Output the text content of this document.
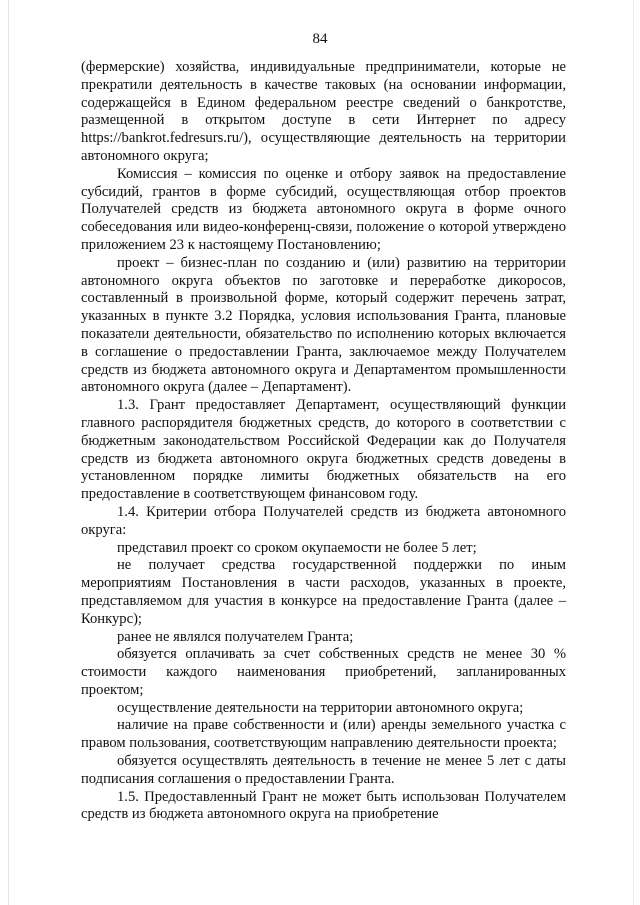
84

(фермерские) хозяйства, индивидуальные предприниматели, которые не прекратили деятельность в качестве таковых (на основании информации, содержащейся в Едином федеральном реестре сведений о банкротстве, размещенной в открытом доступе в сети Интернет по адресу https://bankrot.fedresurs.ru/), осуществляющие деятельность на территории автономного округа;

Комиссия – комиссия по оценке и отбору заявок на предоставление субсидий, грантов в форме субсидий, осуществляющая отбор проектов Получателей средств из бюджета автономного округа в форме очного собеседования или видео-конференц-связи, положение о которой утверждено приложением 23 к настоящему Постановлению;

проект – бизнес-план по созданию и (или) развитию на территории автономного округа объектов по заготовке и переработке дикоросов, составленный в произвольной форме, который содержит перечень затрат, указанных в пункте 3.2 Порядка, условия использования Гранта, плановые показатели деятельности, обязательство по исполнению которых включается в соглашение о предоставлении Гранта, заключаемое между Получателем средств из бюджета автономного округа и Департаментом промышленности автономного округа (далее – Департамент).

1.3. Грант предоставляет Департамент, осуществляющий функции главного распорядителя бюджетных средств, до которого в соответствии с бюджетным законодательством Российской Федерации как до Получателя средств из бюджета автономного округа бюджетных средств доведены в установленном порядке лимиты бюджетных обязательств на его предоставление в соответствующем финансовом году.

1.4. Критерии отбора Получателей средств из бюджета автономного округа:

представил проект со сроком окупаемости не более 5 лет;

не получает средства государственной поддержки по иным мероприятиям Постановления в части расходов, указанных в проекте, представляемом для участия в конкурсе на предоставление Гранта (далее – Конкурс);

ранее не являлся получателем Гранта;

обязуется оплачивать за счет собственных средств не менее 30 % стоимости каждого наименования приобретений, запланированных проектом;

осуществление деятельности на территории автономного округа;

наличие на праве собственности и (или) аренды земельного участка с правом пользования, соответствующим направлению деятельности проекта;

обязуется осуществлять деятельность в течение не менее 5 лет с даты подписания соглашения о предоставлении Гранта.

1.5. Предоставленный Грант не может быть использован Получателем средств из бюджета автономного округа на приобретение
